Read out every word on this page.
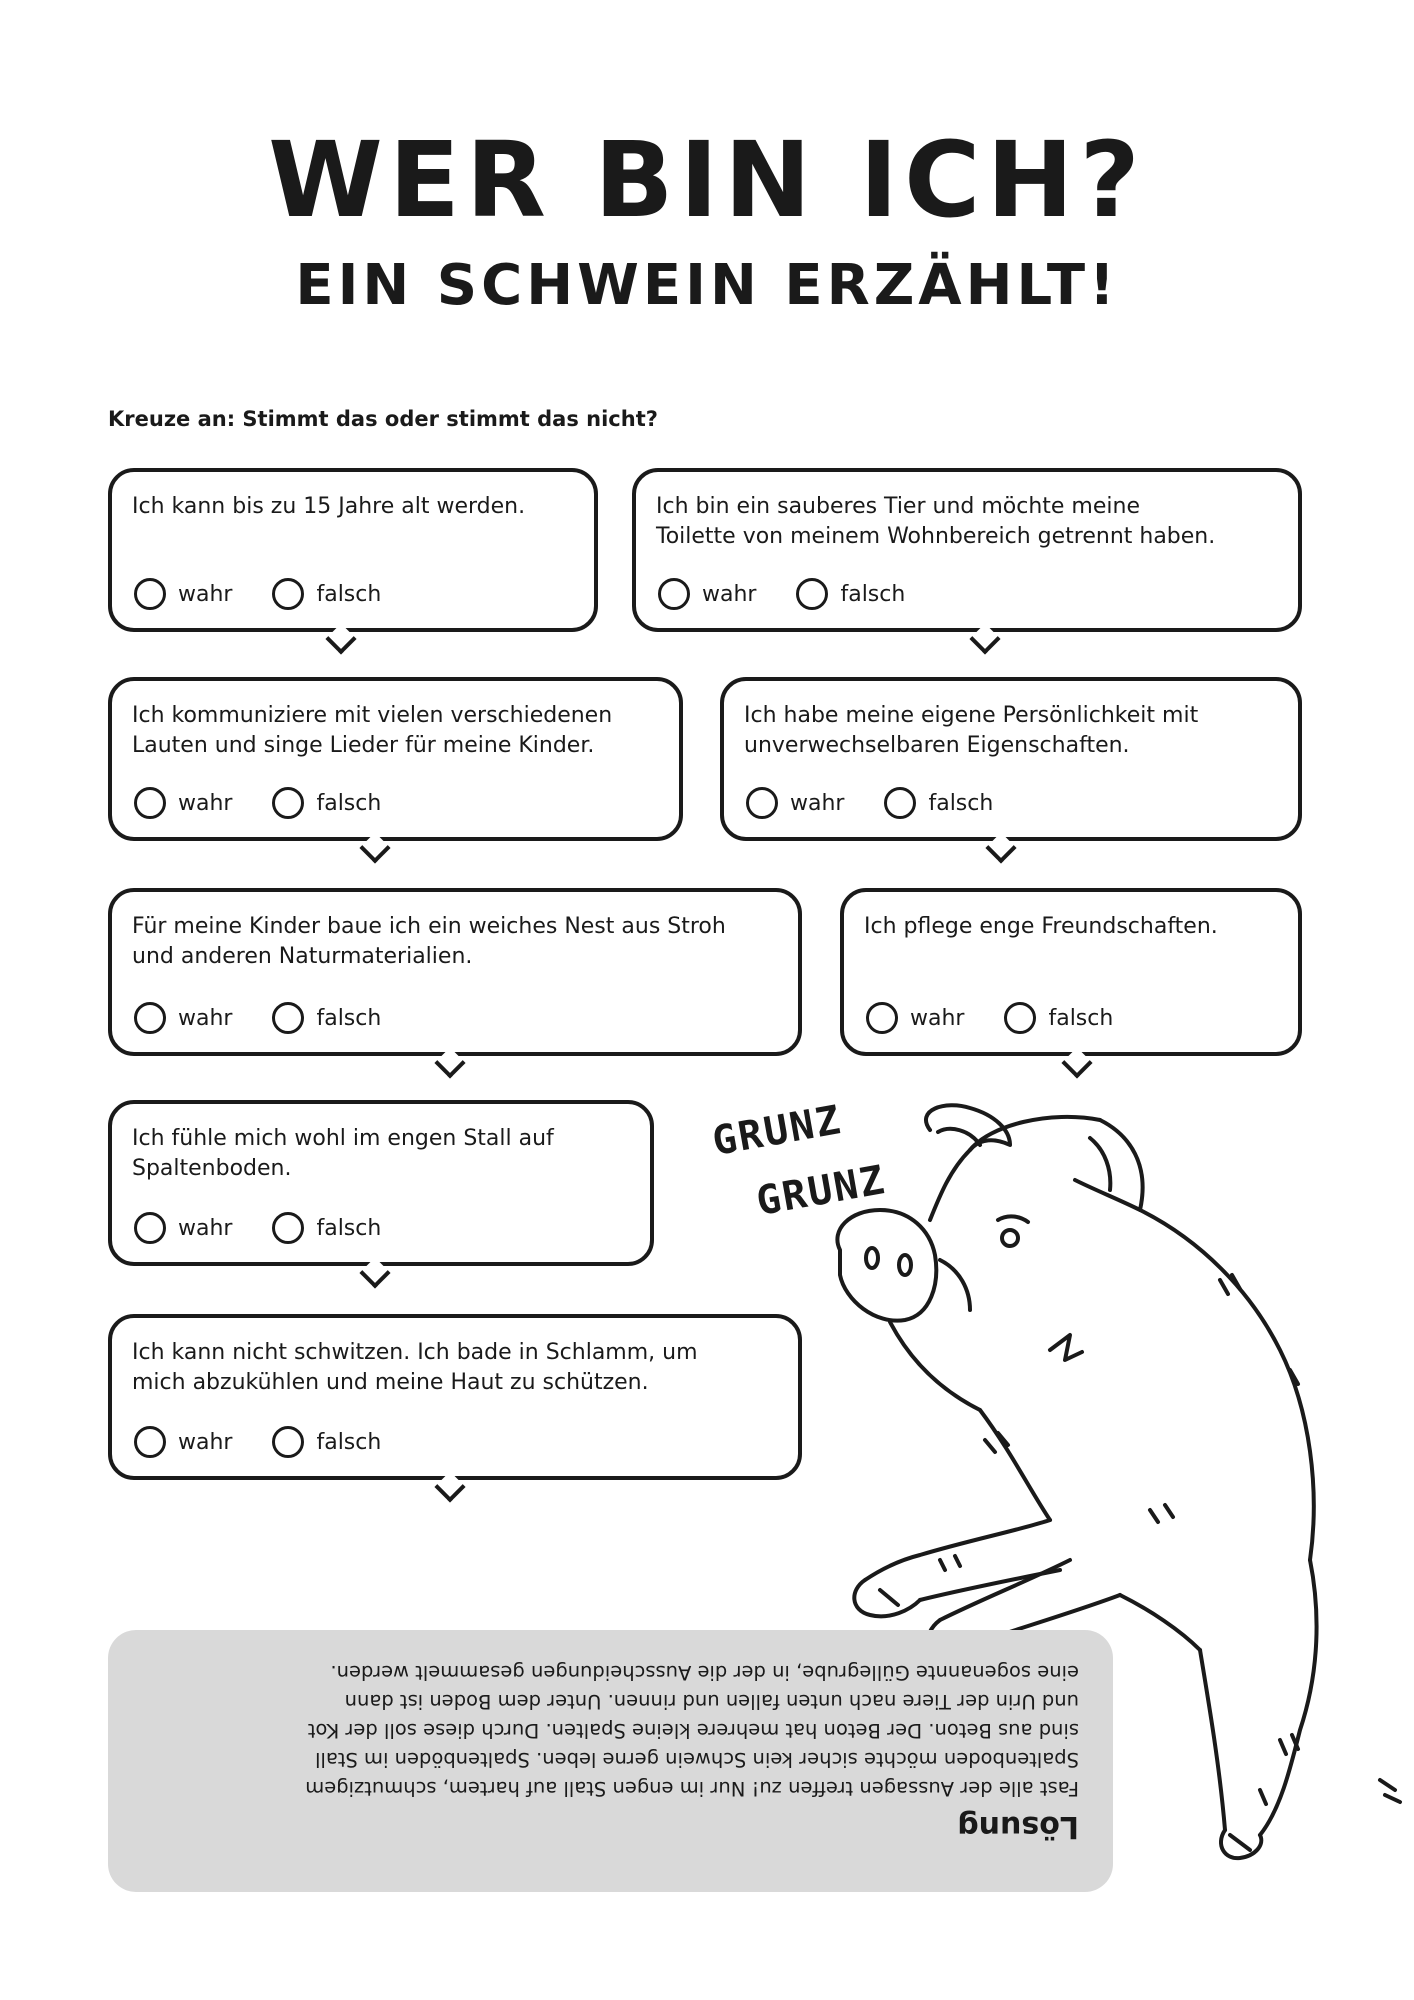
WER BIN ICH?
EIN SCHWEIN ERZÄHLT!
Kreuze an: Stimmt das oder stimmt das nicht?

Ich kann bis zu 15 Jahre alt werden.

wahr	falsch

Ich bin ein sauberes Tier und möchte meine

Toilette von meinem Wohnbereich getrennt haben.

wahr	falsch

Ich kommuniziere mit vielen verschiedenen

Lauten und singe Lieder für meine Kinder.

wahr	falsch

Ich habe meine eigene Persönlichkeit mit

unverwechselbaren Eigenschaften.

wahr	falsch

Für meine Kinder baue ich ein weiches Nest aus Stroh

und anderen Naturmaterialien.

wahr	falsch

Ich pflege enge Freundschaften.

wahr	falsch

Ich fühle mich wohl im engen Stall auf

Spaltenboden.

wahr	falsch

Ich kann nicht schwitzen. Ich bade in Schlamm, um

mich abzukühlen und meine Haut zu schützen.

wahr	falsch
GRUNZ
GRUNZ

Lösung

Fast alle der Aussagen treffen zu! Nur im engen Stall auf hartem, schmutzigem

Spaltenboden möchte sicher kein Schwein gerne leben. Spaltenböden im Stall

sind aus Beton. Der Beton hat mehrere kleine Spalten. Durch diese soll der Kot

und Urin der Tiere nach unten fallen und rinnen. Unter dem Boden ist dann

eine sogenannte Güllegrube, in der die Ausscheidungen gesammelt werden.
